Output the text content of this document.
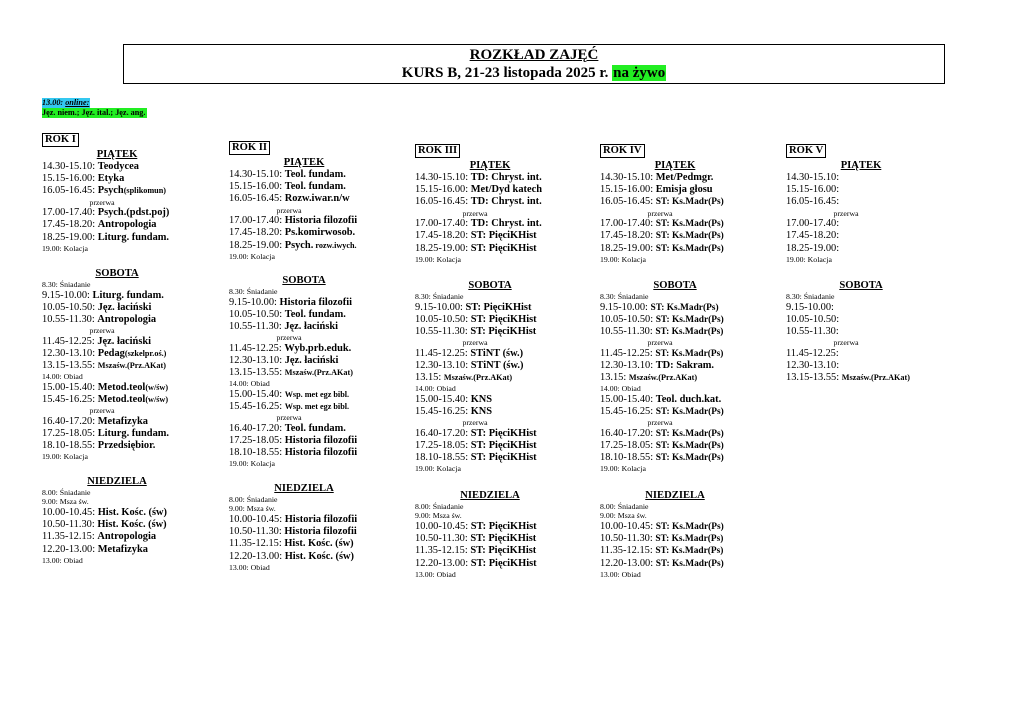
ROZKŁAD ZAJĘĆ
KURS B, 21-23 listopada 2025 r. na żywo
13.00: online:
Jęz. niem.; Jęz. ital.; Jęz. ang.
ROK I
PIĄTEK
14.30-15.10: Teodycea
15.15-16.00: Etyka
16.05-16.45: Psych(splikomun)
przerwa
17.00-17.40: Psych.(pdst.poj)
17.45-18.20: Antropologia
18.25-19.00: Liturg. fundam.
19.00: Kolacja
SOBOTA
8.30: Śniadanie
9.15-10.00: Liturg. fundam.
10.05-10.50: Jęz. łaciński
10.55-11.30: Antropologia
przerwa
11.45-12.25: Jęz. łaciński
12.30-13.10: Pedag(szkelpr.oś.)
13.15-13.55: Mszaśw.(Prz.AKat)
14.00: Obiad
15.00-15.40: Metod.teol(w/św)
15.45-16.25: Metod.teol(w/św)
przerwa
16.40-17.20: Metafizyka
17.25-18.05: Liturg. fundam.
18.10-18.55: Przedsiębior.
19.00: Kolacja
NIEDZIELA
8.00: Śniadanie
9.00: Msza św.
10.00-10.45: Hist. Kośc. (św)
10.50-11.30: Hist. Kośc. (św)
11.35-12.15: Antropologia
12.20-13.00: Metafizyka
13.00: Obiad
ROK II
PIĄTEK
14.30-15.10: Teol. fundam.
15.15-16.00: Teol. fundam.
16.05-16.45: Rozw.iwar.n/w
przerwa
17.00-17.40: Historia filozofii
17.45-18.20: Ps.komirwosob.
18.25-19.00: Psych. rozw.iwych.
19.00: Kolacja
SOBOTA
8.30: Śniadanie
9.15-10.00: Historia filozofii
10.05-10.50: Teol. fundam.
10.55-11.30: Jęz. łaciński
przerwa
11.45-12.25: Wyb.prb.eduk.
12.30-13.10: Jęz. łaciński
13.15-13.55: Mszaśw.(Prz.AKat)
14.00: Obiad
15.00-15.40: Wsp. met egz bibl.
15.45-16.25: Wsp. met egz bibl.
przerwa
16.40-17.20: Teol. fundam.
17.25-18.05: Historia filozofii
18.10-18.55: Historia filozofii
19.00: Kolacja
NIEDZIELA
8.00: Śniadanie
9.00: Msza św.
10.00-10.45: Historia filozofii
10.50-11.30: Historia filozofii
11.35-12.15: Hist. Kośc. (św)
12.20-13.00: Hist. Kośc. (św)
13.00: Obiad
ROK III
PIĄTEK
14.30-15.10: TD: Chryst. int.
15.15-16.00: Met/Dyd katech
16.05-16.45: TD: Chryst. int.
przerwa
17.00-17.40: TD: Chryst. int.
17.45-18.20: ST: PięciKHist
18.25-19.00: ST: PięciKHist
19.00: Kolacja
SOBOTA
8.30: Śniadanie
9.15-10.00: ST: PięciKHist
10.05-10.50: ST: PięciKHist
10.55-11.30: ST: PięciKHist
przerwa
11.45-12.25: STiNT (św.)
12.30-13.10: STiNT (św.)
13.15: Mszaśw.(Prz.AKat)
14.00: Obiad
15.00-15.40: KNS
15.45-16.25: KNS
przerwa
16.40-17.20: ST: PięciKHist
17.25-18.05: ST: PięciKHist
18.10-18.55: ST: PięciKHist
19.00: Kolacja
NIEDZIELA
8.00: Śniadanie
9.00: Msza św.
10.00-10.45: ST: PięciKHist
10.50-11.30: ST: PięciKHist
11.35-12.15: ST: PięciKHist
12.20-13.00: ST: PięciKHist
13.00: Obiad
ROK IV
PIĄTEK
14.30-15.10: Met/Pedmgr.
15.15-16.00: Emisja głosu
16.05-16.45: ST: Ks.Madr(Ps)
przerwa
17.00-17.40: ST: Ks.Madr(Ps)
17.45-18.20: ST: Ks.Madr(Ps)
18.25-19.00: ST: Ks.Madr(Ps)
19.00: Kolacja
SOBOTA
8.30: Śniadanie
9.15-10.00: ST: Ks.Madr(Ps)
10.05-10.50: ST: Ks.Madr(Ps)
10.55-11.30: ST: Ks.Madr(Ps)
przerwa
11.45-12.25: ST: Ks.Madr(Ps)
12.30-13.10: TD: Sakram.
13.15: Mszaśw.(Prz.AKat)
14.00: Obiad
15.00-15.40: Teol. duch.kat.
15.45-16.25: ST: Ks.Madr(Ps)
przerwa
16.40-17.20: ST: Ks.Madr(Ps)
17.25-18.05: ST: Ks.Madr(Ps)
18.10-18.55: ST: Ks.Madr(Ps)
19.00: Kolacja
NIEDZIELA
8.00: Śniadanie
9.00: Msza św.
10.00-10.45: ST: Ks.Madr(Ps)
10.50-11.30: ST: Ks.Madr(Ps)
11.35-12.15: ST: Ks.Madr(Ps)
12.20-13.00: ST: Ks.Madr(Ps)
13.00: Obiad
ROK V
PIĄTEK
14.30-15.10:
15.15-16.00:
16.05-16.45:
przerwa
17.00-17.40:
17.45-18.20:
18.25-19.00:
19.00: Kolacja
SOBOTA
8.30: Śniadanie
9.15-10.00:
10.05-10.50:
10.55-11.30:
przerwa
11.45-12.25:
12.30-13.10:
13.15-13.55: Mszaśw.(Prz.AKat)
